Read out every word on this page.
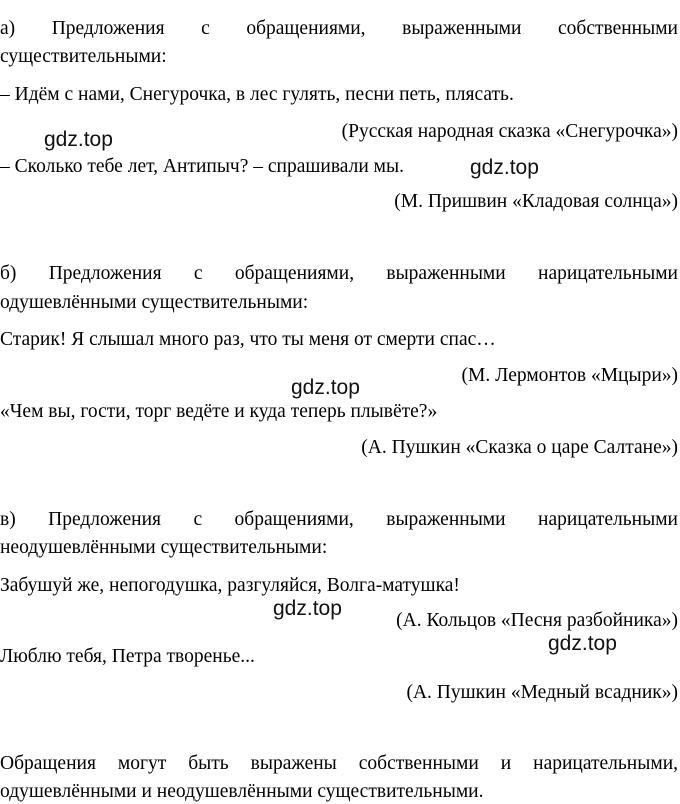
а) Предложения с обращениями, выраженными собственными
существительными:
– Идём с нами, Снегурочка, в лес гулять, песни петь, плясать.
(Русская народная сказка «Снегурочка»)
– Сколько тебе лет, Антипыч? – спрашивали мы.
(М. Пришвин «Кладовая солнца»)
б) Предложения с обращениями, выраженными нарицательными
одушевлёнными существительными:
Старик! Я слышал много раз, что ты меня от смерти спас…
(М. Лермонтов «Мцыри»)
«Чем вы, гости, торг ведёте и куда теперь плывёте?»
(А. Пушкин «Сказка о царе Салтане»)
в) Предложения с обращениями, выраженными нарицательными
неодушевлёнными существительными:
Забушуй же, непогодушка, разгуляйся, Волга-матушка!
(А. Кольцов «Песня разбойника»)
Люблю тебя, Петра творенье...
(А. Пушкин «Медный всадник»)
Обращения могут быть выражены собственными и нарицательными,
одушевлёнными и неодушевлёнными существительными.
gdz.top
gdz.top
gdz.top
gdz.top
gdz.top
